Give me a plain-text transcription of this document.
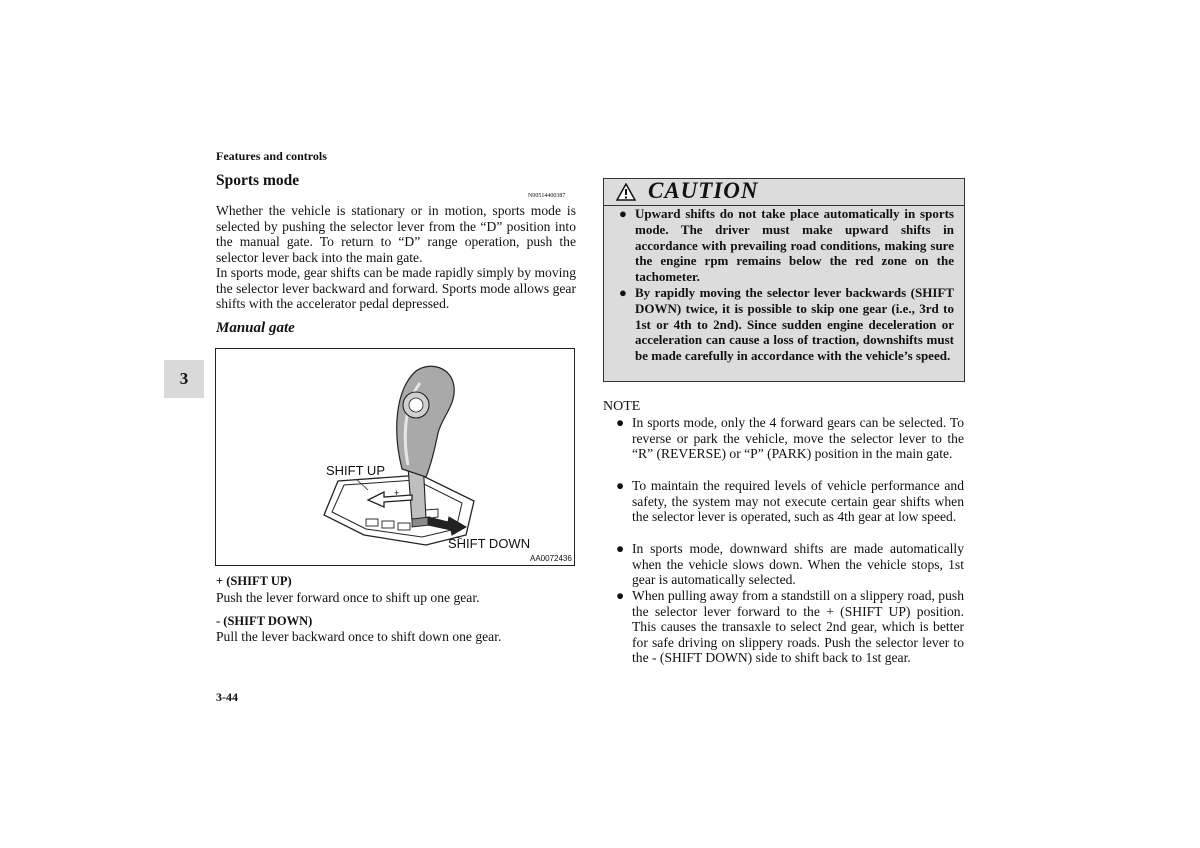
Features and controls
Sports mode
N00514400387
Whether the vehicle is stationary or in motion, sports mode is selected by pushing the selector lever from the “D” position into the manual gate. To return to “D” range operation, push the selector lever back into the main gate.
In sports mode, gear shifts can be made rapidly simply by moving the selector lever backward and forward. Sports mode allows gear shifts with the accelerator pedal depressed.
Manual gate
3
+
SHIFT UP
SHIFT DOWN
AA0072436
+ (SHIFT UP)
Push the lever forward once to shift up one gear.
- (SHIFT DOWN)
Pull the lever backward once to shift down one gear.
3-44
CAUTION
● Upward shifts do not take place automatically in sports mode. The driver must make upward shifts in accordance with prevailing road conditions, making sure the engine rpm remains below the red zone on the tachometer.
● By rapidly moving the selector lever backwards (SHIFT DOWN) twice, it is possible to skip one gear (i.e., 3rd to 1st or 4th to 2nd). Since sudden engine deceleration or acceleration can cause a loss of traction, downshifts must be made carefully in accordance with the vehicle’s speed.
NOTE
● In sports mode, only the 4 forward gears can be selected. To reverse or park the vehicle, move the selector lever to the “R” (REVERSE) or “P” (PARK) position in the main gate.
● To maintain the required levels of vehicle performance and safety, the system may not execute certain gear shifts when the selector lever is operated, such as 4th gear at low speed.
● In sports mode, downward shifts are made automatically when the vehicle slows down. When the vehicle stops, 1st gear is automatically selected.
● When pulling away from a standstill on a slippery road, push the selector lever forward to the + (SHIFT UP) position. This causes the transaxle to select 2nd gear, which is better for safe driving on slippery roads. Push the selector lever to the - (SHIFT DOWN) side to shift back to 1st gear.
